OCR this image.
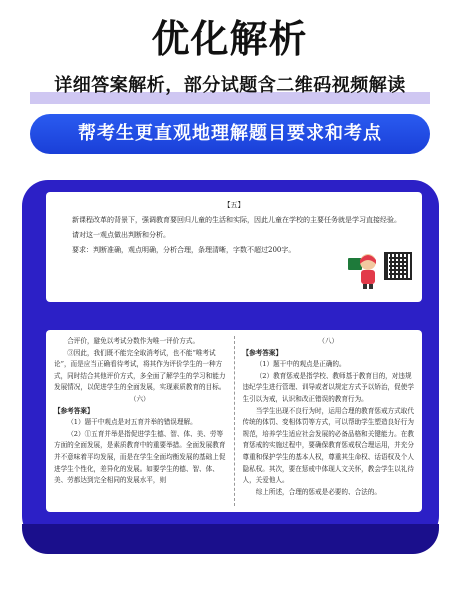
优化解析
详细答案解析，部分试题含二维码视频解读
帮考生更直观地理解题目要求和考点
【五】

新课程改革的背景下，强调教育要回归儿童的生活和实际，因此儿童在学校的主要任务就是学习直接经验。

请对这一观点做出判断和分析。

要求：判断准确，观点明确，分析合理，条理清晰，字数不超过200字。

合评价，避免以考试分数作为唯一评价方式。

③因此，我们既不能完全取消考试，也不能“唯考试论”，而是应当正确看待考试，将其作为评价学生的一种方式，同时结合其他评价方式，多全面了解学生的学习和能力发展情况，以促进学生的全面发展，实现素质教育的目标。

（六）

【参考答案】

（1）题干中观点是对五育并举的错误理解。

（2）①五育并举是指促进学生德、智、体、美、劳等方面的全面发展，是素质教育中的重要举措。全面发展教育并不意味着平均发展，而是在学生全面均衡发展的基础上促进学生个性化，差异化的发展。如要学生的德、智、体、美、劳都达到完全相同的发展水平，则

（八）

【参考答案】

（1）题干中的观点是正确的。

（2）教育惩戒是指学校、教师基于教育目的，对违规违纪学生进行管理、训导或者以规定方式予以矫治，促使学生引以为戒，认识和改正错误的教育行为。

当学生出现不良行为时，运用合理的教育惩戒方式取代传统的体罚、变相体罚等方式，可以帮助学生塑造良好行为规范，培养学生适应社会发展的必备品格和关键能力。在教育惩戒的实施过程中，要确保教育惩戒权合理运用，并充分尊重和保护学生的基本人权，尊重其生命权、话语权及个人隐私权。其次，要在惩戒中体现人文关怀，教会学生以礼待人，关爱他人。

综上所述，合理的惩戒是必要的、合法的。
